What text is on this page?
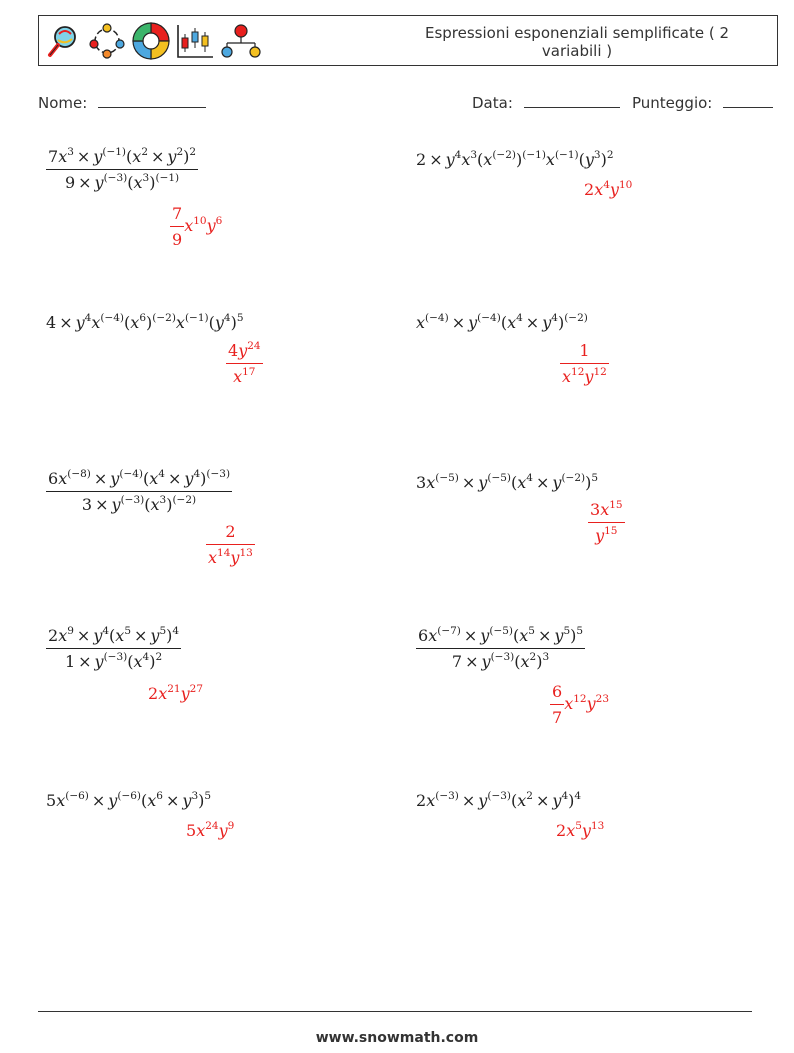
Espressioni esponenziali semplificate ( 2 variabili )
Nome:	Data:	Punteggio:
$\frac{7x^3 \times y^{(-1)}(x^2 \times y^2)^2}{9 \times y^{(-3)}(x^3)^{(-1)}}$
$\frac{7}{9} x^{10}y^6$
$2 \times y^4x^3(x^{(-2)})^{(-1)}x^{(-1)}(y^3)^2$
$2x^4y^{10}$
$4 \times y^4x^{(-4)}(x^6)^{(-2)}x^{(-1)}(y^4)^5$
$\frac{4y^{24}}{x^{17}}$
$x^{(-4)} \times y^{(-4)}(x^4 \times y^4)^{(-2)}$
$\frac{1}{x^{12}y^{12}}$
$\frac{6x^{(-8)} \times y^{(-4)}(x^4 \times y^4)^{(-3)}}{3 \times y^{(-3)}(x^3)^{(-2)}}$
$\frac{2}{x^{14}y^{13}}$
$3x^{(-5)} \times y^{(-5)}(x^4 \times y^{(-2)})^5$
$\frac{3x^{15}}{y^{15}}$
$\frac{2x^9 \times y^4(x^5 \times y^5)^4}{1 \times y^{(-3)}(x^4)^2}$
$2x^{21}y^{27}$
$\frac{6x^{(-7)} \times y^{(-5)}(x^5 \times y^5)^5}{7 \times y^{(-3)}(x^2)^3}$
$\frac{6}{7} x^{12}y^{23}$
$5x^{(-6)} \times y^{(-6)}(x^6 \times y^3)^5$
$5x^{24}y^9$
$2x^{(-3)} \times y^{(-3)}(x^2 \times y^4)^4$
$2x^5y^{13}$
www.snowmath.com
